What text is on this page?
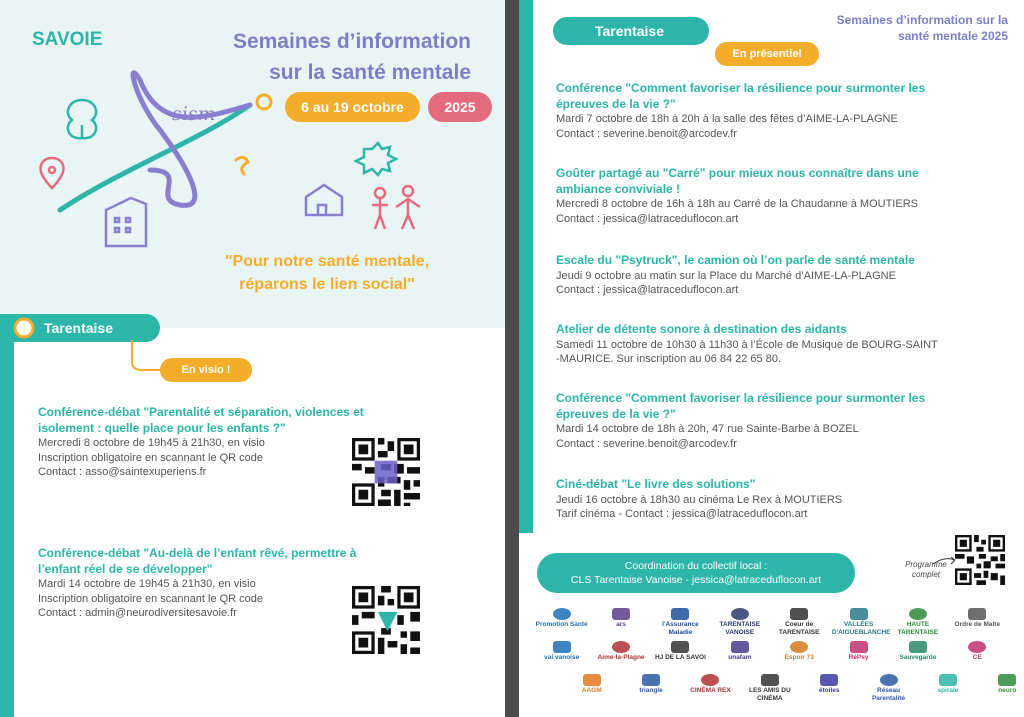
SAVOIE	Semaines d’information
sur la santé mentale
sism	6 au 19 octobre	2025
"Pour notre santé mentale,
réparons le lien social"
Tarentaise
En visio !
Conférence-débat "Parentalité et séparation, violences et
isolement : quelle place pour les enfants ?"
Mercredi 8 octobre de 19h45 à 21h30, en visio
Inscription obligatoire en scannant le QR code
Contact : asso@saintexuperiens.fr
Conférence-débat "Au-delà de l’enfant rêvé, permettre à
l’enfant réel de se développer"
Mardi 14 octobre de 19h45 à 21h30, en visio
Inscription obligatoire en scannant le QR code
Contact : admin@neurodiversitesavoie.fr
Tarentaise
En présentiel
Semaines d’information sur la
santé mentale 2025
Conférence "Comment favoriser la résilience pour surmonter les
épreuves de la vie ?"
Mardi 7 octobre de 18h à 20h à la salle des fêtes d’AIME-LA-PLAGNE
Contact : severine.benoit@arcodev.fr
Goûter partagé au "Carré" pour mieux nous connaître dans une
ambiance conviviale !
Mercredi 8 octobre de 16h à 18h au Carré de la Chaudanne à MOUTIERS
Contact : jessica@latraceduflocon.art
Escale du "Psytruck", le camion où l’on parle de santé mentale
Jeudi 9 octobre au matin sur la Place du Marché d’AIME-LA-PLAGNE
Contact : jessica@latraceduflocon.art
Atelier de détente sonore à destination des aidants
Samedi 11 octobre de 10h30 à 11h30 à l’École de Musique de BOURG-SAINT
-MAURICE. Sur inscription au 06 84 22 65 80.
Conférence "Comment favoriser la résilience pour surmonter les
épreuves de la vie ?"
Mardi 14 octobre de 18h à 20h, 47 rue Sainte-Barbe à BOZEL
Contact : severine.benoit@arcodev.fr
Ciné-débat "Le livre des solutions"
Jeudi 16 octobre à 18h30 au cinéma Le Rex à MOUTIERS
Tarif cinéma - Contact : jessica@latraceduflocon.art
Coordination du collectif local :
CLS Tarentaise Vanoise - jessica@latraceduflocon.art
Programme
complet
Promotion Santé	ars	l'Assurance Maladie
TARENTAISE VANOISE
Coeur de TARENTAISE
VALLÉES D'AIGUEBLANCHE
HAUTE TARENTAISE
Ordre de Malte
val vanoise	Aime-la-Plagne	HJ DE LA SAVOI	unafam	Espoir 73	RéPsy	Sauvegarde	CE
AAGM	triangle	CINÉMA REX	LES AMIS DU CINÉMA
étoiles	Réseau Parentalité
spirale	neuro
